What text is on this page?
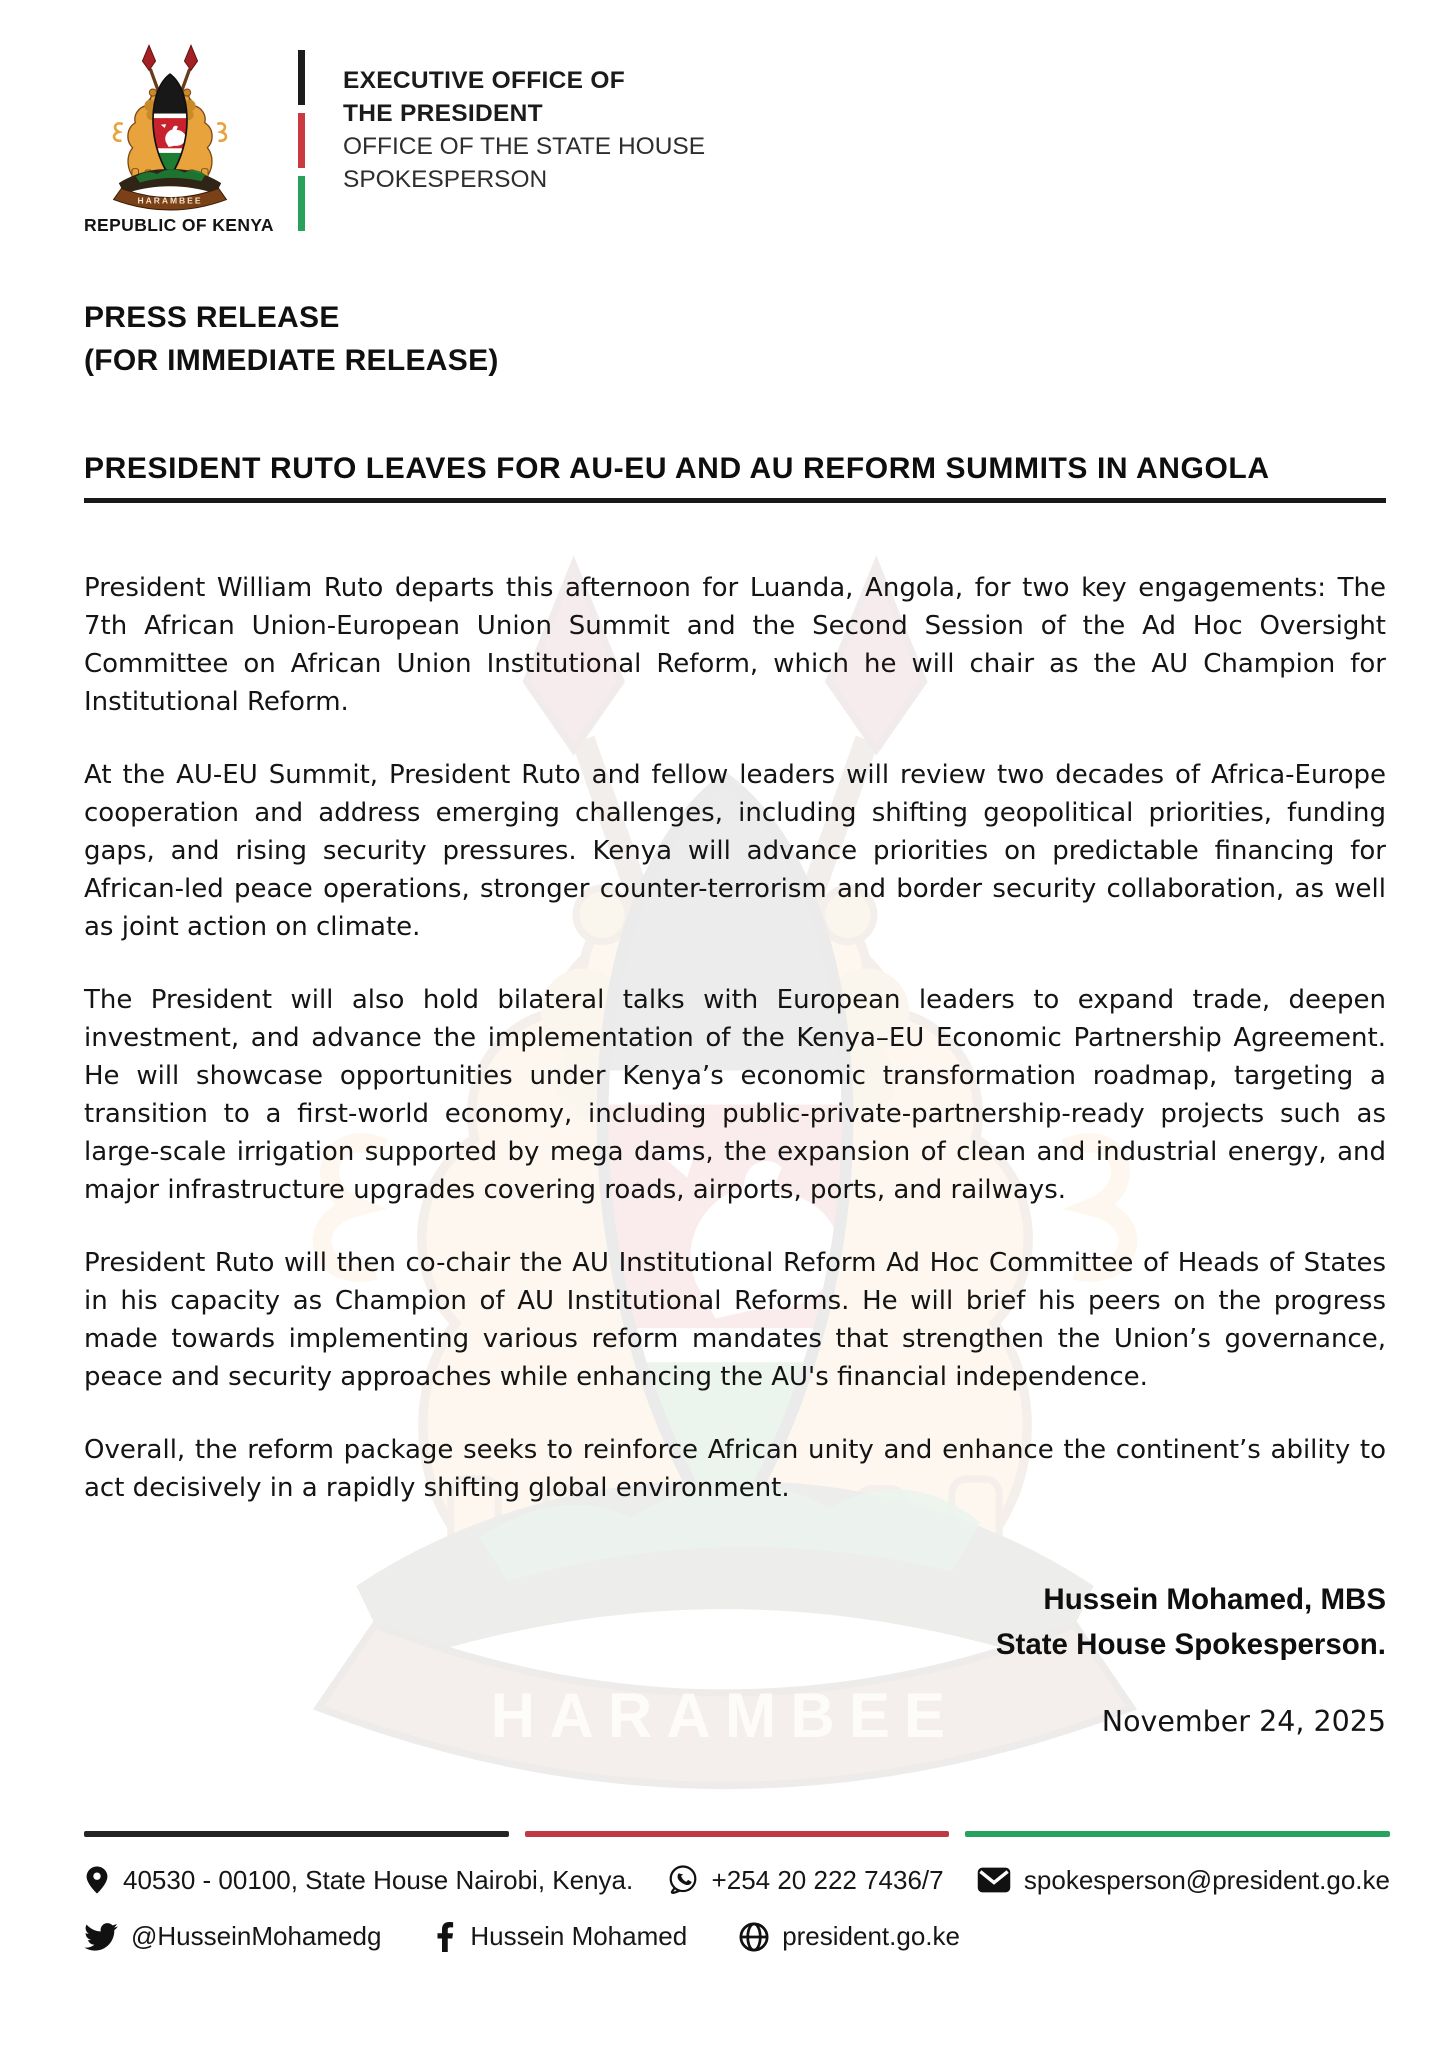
HARAMBEE
REPUBLIC OF KENYA
EXECUTIVE OFFICE OF
THE PRESIDENT
OFFICE OF THE STATE HOUSE
SPOKESPERSON
PRESS RELEASE
(FOR IMMEDIATE RELEASE)
PRESIDENT RUTO LEAVES FOR AU-EU AND AU REFORM SUMMITS IN ANGOLA

President William Ruto departs this afternoon for Luanda, Angola, for two key engagements: The 7th African Union-European Union Summit and the Second Session of the Ad Hoc Oversight Committee on African Union Institutional Reform, which he will chair as the AU Champion for Institutional Reform.

At the AU-EU Summit, President Ruto and fellow leaders will review two decades of Africa-Europe cooperation and address emerging challenges, including shifting geopolitical priorities, funding gaps, and rising security pressures. Kenya will advance priorities on predictable financing for African-led peace operations, stronger counter-terrorism and border security collaboration, as well as joint action on climate.

The President will also hold bilateral talks with European leaders to expand trade, deepen investment, and advance the implementation of the Kenya–EU Economic Partnership Agreement. He will showcase opportunities under Kenya’s economic transformation roadmap, targeting a transition to a first-world economy, including public-private-partnership-ready projects such as large-scale irrigation supported by mega dams, the expansion of clean and industrial energy, and major infrastructure upgrades covering roads, airports, ports, and railways.

President Ruto will then co-chair the AU Institutional Reform Ad Hoc Committee of Heads of States in his capacity as Champion of AU Institutional Reforms. He will brief his peers on the progress made towards implementing various reform mandates that strengthen the Union’s governance, peace and security approaches while enhancing the AU's financial independence.

Overall, the reform package seeks to reinforce African unity and enhance the continent’s ability to act decisively in a rapidly shifting global environment.

Hussein Mohamed, MBS
State House Spokesperson.
November 24, 2025
40530 - 00100, State House Nairobi, Kenya.	+254 20 222 7436/7	spokesperson@president.go.ke
@HusseinMohamedg	Hussein Mohamed	president.go.ke
